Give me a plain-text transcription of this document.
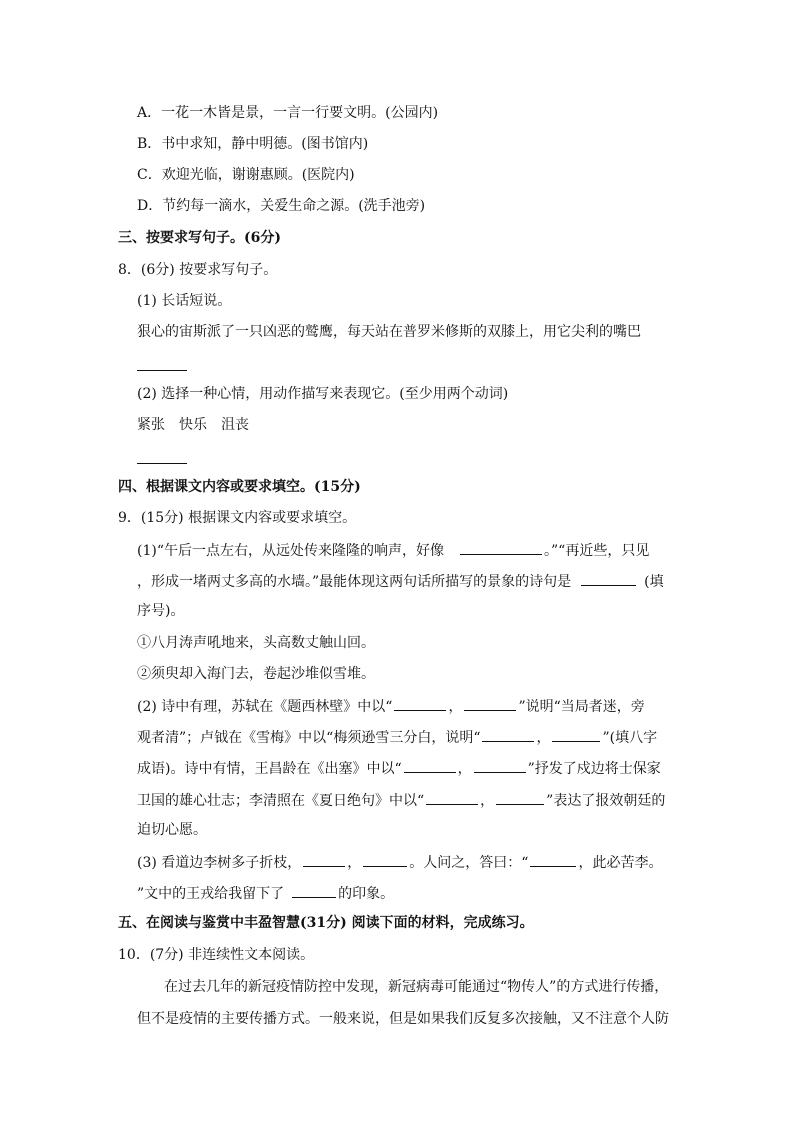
A．一花一木皆是景，一言一行要文明。(公园内)
B．书中求知，静中明德。(图书馆内)
C．欢迎光临，谢谢惠顾。(医院内)
D．节约每一滴水，关爱生命之源。(洗手池旁)
三、按要求写句子。(6分)
8．(6分) 按要求写句子。
(1) 长话短说。
狠心的宙斯派了一只凶恶的鹫鹰，每天站在普罗米修斯的双膝上，用它尖利的嘴巴
(2) 选择一种心情，用动作描写来表现它。(至少用两个动词)
紧张　快乐　沮丧
四、根据课文内容或要求填空。(15分)
9．(15分) 根据课文内容或要求填空。
(1)“午后一点左右，从远处传来隆隆的响声，好像	。”“再近些，只见
，形成一堵两丈多高的水墙。”最能体现这两句话所描写的景象的诗句是	(填
序号)。
①八月涛声吼地来，头高数丈触山回。
②须臾却入海门去，卷起沙堆似雪堆。
(2) 诗中有理，苏轼在《题西林壁》中以“	，	”说明“当局者迷，旁
观者清”；卢钺在《雪梅》中以“梅须逊雪三分白，说明“	，	”(填八字
成语)。诗中有情，王昌龄在《出塞》中以“	，	”抒发了戍边将士保家
卫国的雄心壮志；李清照在《夏日绝句》中以“	，	”表达了报效朝廷的
迫切心愿。
(3) 看道边李树多子折枝，	，	。人问之，答曰：“	，此必苦李。
”文中的王戎给我留下了	的印象。
五、在阅读与鉴赏中丰盈智慧(31分) 阅读下面的材料，完成练习。
10．(7分) 非连续性文本阅读。
在过去几年的新冠疫情防控中发现，新冠病毒可能通过“物传人”的方式进行传播，
但不是疫情的主要传播方式。一般来说，但是如果我们反复多次接触，又不注意个人防
